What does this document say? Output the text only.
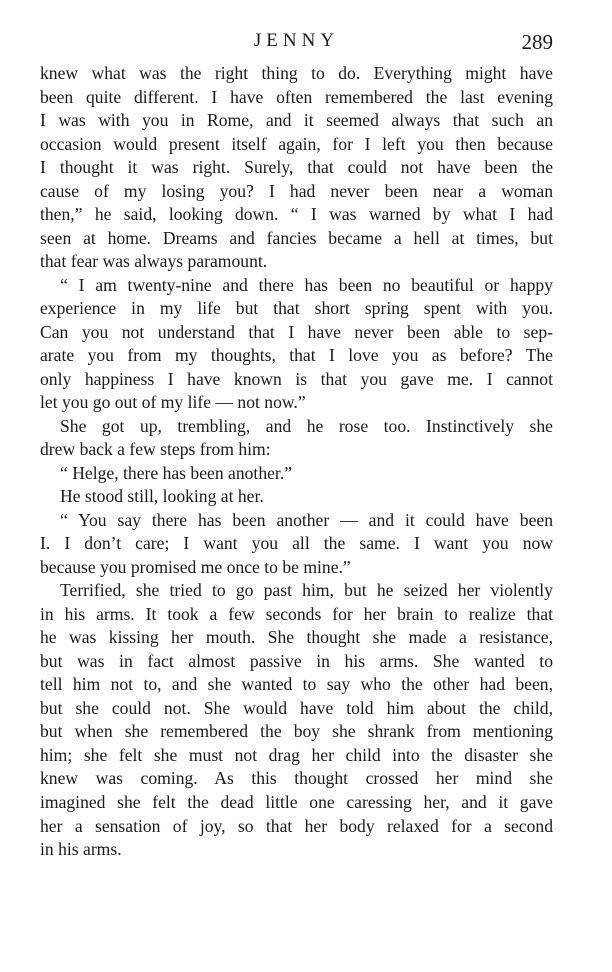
JENNY	289
knew what was the right thing to do. Everything might have
been quite different. I have often remembered the last evening
I was with you in Rome, and it seemed always that such an
occasion would present itself again, for I left you then because
I thought it was right. Surely, that could not have been the
cause of my losing you? I had never been near a woman
then,” he said, looking down. “ I was warned by what I had
seen at home. Dreams and fancies became a hell at times, but
that fear was always paramount.
“ I am twenty-nine and there has been no beautiful or happy
experience in my life but that short spring spent with you.
Can you not understand that I have never been able to sep-
arate you from my thoughts, that I love you as before? The
only happiness I have known is that you gave me. I cannot
let you go out of my life — not now.”
She got up, trembling, and he rose too. Instinctively she
drew back a few steps from him:
“ Helge, there has been another.”
He stood still, looking at her.
“ You say there has been another — and it could have been
I. I don’t care; I want you all the same. I want you now
because you promised me once to be mine.”
Terrified, she tried to go past him, but he seized her violently
in his arms. It took a few seconds for her brain to realize that
he was kissing her mouth. She thought she made a resistance,
but was in fact almost passive in his arms. She wanted to
tell him not to, and she wanted to say who the other had been,
but she could not. She would have told him about the child,
but when she remembered the boy she shrank from mentioning
him; she felt she must not drag her child into the disaster she
knew was coming. As this thought crossed her mind she
imagined she felt the dead little one caressing her, and it gave
her a sensation of joy, so that her body relaxed for a second
in his arms.
